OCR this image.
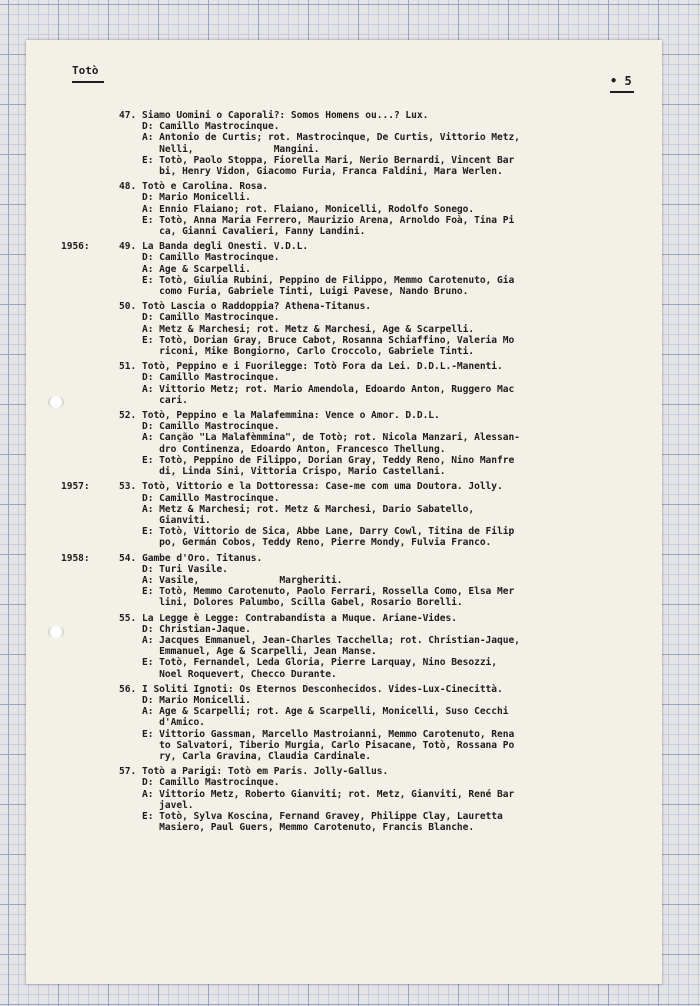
Totò
• 5
47. Siamo Uomini o Caporali?: Somos Homens ou...? Lux.
D: Camillo Mastrocinque.
A: Antonio de Curtis; rot. Mastrocinque, De Curtis, Vittorio Metz,
Nelli,              Mangini.
E: Totò, Paolo Stoppa, Fiorella Mari, Nerio Bernardi, Vincent Bar
bi, Henry Vidon, Giacomo Furia, Franca Faldini, Mara Werlen.
48. Totò e Carolina. Rosa.
D: Mario Monicelli.
A: Ennio Flaiano; rot. Flaiano, Monicelli, Rodolfo Sonego.
E: Totò, Anna Maria Ferrero, Maurizio Arena, Arnoldo Foà, Tina Pi
ca, Gianni Cavalieri, Fanny Landini.
1956:	49. La Banda degli Onesti. V.D.L.
D: Camillo Mastrocinque.
A: Age & Scarpelli.
E: Totò, Giulia Rubini, Peppino de Filippo, Memmo Carotenuto, Gia
como Furia, Gabriele Tinti, Luigi Pavese, Nando Bruno.
50. Totò Lascia o Raddoppia? Athena-Titanus.
D: Camillo Mastrocinque.
A: Metz & Marchesi; rot. Metz & Marchesi, Age & Scarpelli.
E: Totò, Dorian Gray, Bruce Cabot, Rosanna Schiaffino, Valeria Mo
riconi, Mike Bongiorno, Carlo Croccolo, Gabriele Tinti.
51. Totò, Peppino e i Fuorilegge: Totò Fora da Lei. D.D.L.-Manenti.
D: Camillo Mastrocinque.
A: Vittorio Metz; rot. Mario Amendola, Edoardo Anton, Ruggero Mac
cari.
52. Totò, Peppino e la Malafemmina: Vence o Amor. D.D.L.
D: Camillo Mastrocinque.
A: Canção "La Malafèmmina", de Totò; rot. Nicola Manzari, Alessan-
dro Continenza, Edoardo Anton, Francesco Thellung.
E: Totò, Peppino de Filippo, Dorian Gray, Teddy Reno, Nino Manfre
di, Linda Sini, Vittoria Crispo, Mario Castellani.
1957:	53. Totò, Vittorio e la Dottoressa: Case-me com uma Doutora. Jolly.
D: Camillo Mastrocinque.
A: Metz & Marchesi; rot. Metz & Marchesi, Dario Sabatello,
Gianviti.
E: Totò, Vittorio de Sica, Abbe Lane, Darry Cowl, Titina de Filip
po, Germán Cobos, Teddy Reno, Pierre Mondy, Fulvia Franco.
1958:	54. Gambe d'Oro. Titanus.
D: Turi Vasile.
A: Vasile,              Margheriti.
E: Totò, Memmo Carotenuto, Paolo Ferrari, Rossella Como, Elsa Mer
lini, Dolores Palumbo, Scilla Gabel, Rosario Borelli.
55. La Legge è Legge: Contrabandista a Muque. Ariane-Vides.
D: Christian-Jaque.
A: Jacques Emmanuel, Jean-Charles Tacchella; rot. Christian-Jaque,
Emmanuel, Age & Scarpelli, Jean Manse.
E: Totò, Fernandel, Leda Gloria, Pierre Larquay, Nino Besozzi,
Noel Roquevert, Checco Durante.
56. I Soliti Ignoti: Os Eternos Desconhecidos. Vides-Lux-Cinecittà.
D: Mario Monicelli.
A: Age & Scarpelli; rot. Age & Scarpelli, Monicelli, Suso Cecchi
d'Amico.
E: Vittorio Gassman, Marcello Mastroianni, Memmo Carotenuto, Rena
to Salvatori, Tiberio Murgia, Carlo Pisacane, Totò, Rossana Po
ry, Carla Gravina, Claudia Cardinale.
57. Totò a Parigi: Totò em Paris. Jolly-Gallus.
D: Camillo Mastrocinque.
A: Vittorio Metz, Roberto Gianviti; rot. Metz, Gianviti, René Bar
javel.
E: Totò, Sylva Koscina, Fernand Gravey, Philippe Clay, Lauretta
Masiero, Paul Guers, Memmo Carotenuto, Francis Blanche.
